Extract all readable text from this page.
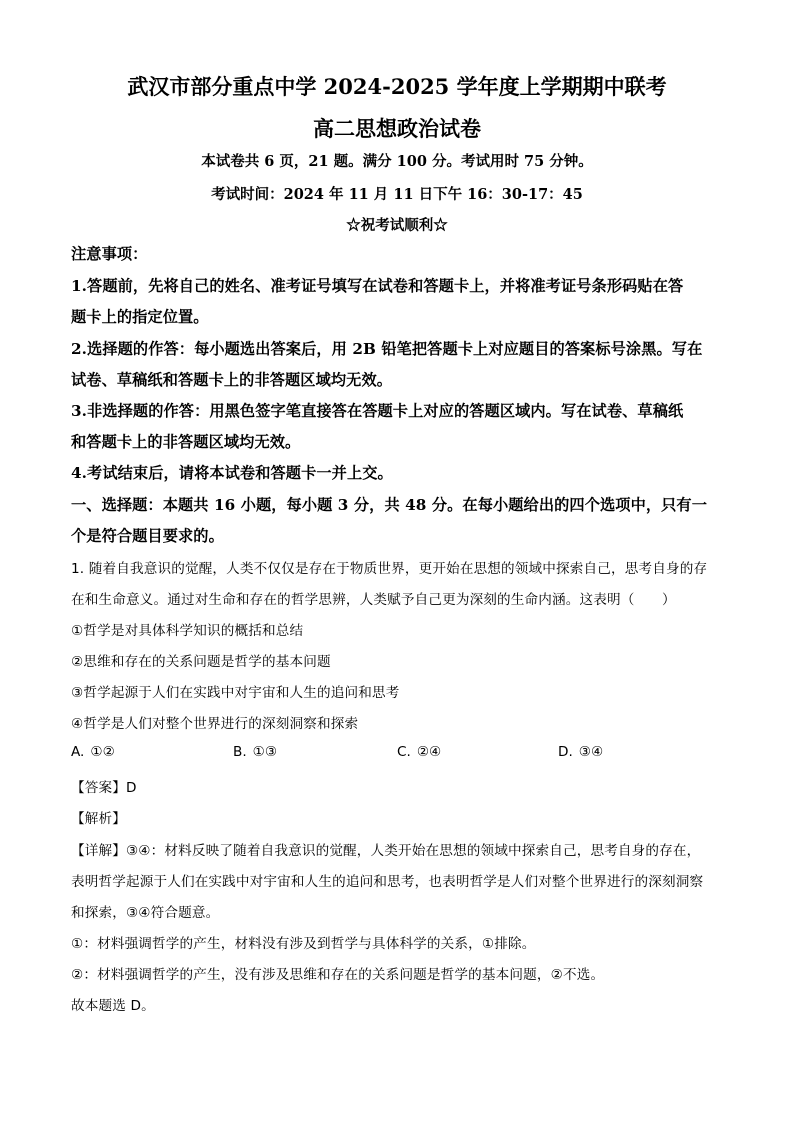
武汉市部分重点中学 2024-2025 学年度上学期期中联考
高二思想政治试卷
本试卷共 6 页，21 题。满分 100 分。考试用时 75 分钟。
考试时间：2024 年 11 月 11 日下午 16：30-17：45
☆祝考试顺利☆
注意事项：
1.答题前，先将自己的姓名、准考证号填写在试卷和答题卡上，并将准考证号条形码贴在答
题卡上的指定位置。
2.选择题的作答：每小题选出答案后，用 2B 铅笔把答题卡上对应题目的答案标号涂黑。写在
试卷、草稿纸和答题卡上的非答题区域均无效。
3.非选择题的作答：用黑色签字笔直接答在答题卡上对应的答题区域内。写在试卷、草稿纸
和答题卡上的非答题区域均无效。
4.考试结束后，请将本试卷和答题卡一并上交。
一、选择题：本题共 16 小题，每小题 3 分，共 48 分。在每小题给出的四个选项中，只有一
个是符合题目要求的。
1. 随着自我意识的觉醒，人类不仅仅是存在于物质世界，更开始在思想的领域中探索自己，思考自身的存
在和生命意义。通过对生命和存在的哲学思辨，人类赋予自己更为深刻的生命内涵。这表明（　　）
①哲学是对具体科学知识的概括和总结
②思维和存在的关系问题是哲学的基本问题
③哲学起源于人们在实践中对宇宙和人生的追问和思考
④哲学是人们对整个世界进行的深刻洞察和探索
A. ①②	B. ①③	C. ②④	D. ③④
【答案】D
【解析】
【详解】③④：材料反映了随着自我意识的觉醒，人类开始在思想的领域中探索自己，思考自身的存在，
表明哲学起源于人们在实践中对宇宙和人生的追问和思考，也表明哲学是人们对整个世界进行的深刻洞察
和探索，③④符合题意。
①：材料强调哲学的产生，材料没有涉及到哲学与具体科学的关系，①排除。
②：材料强调哲学的产生，没有涉及思维和存在的关系问题是哲学的基本问题，②不选。
故本题选 D。
